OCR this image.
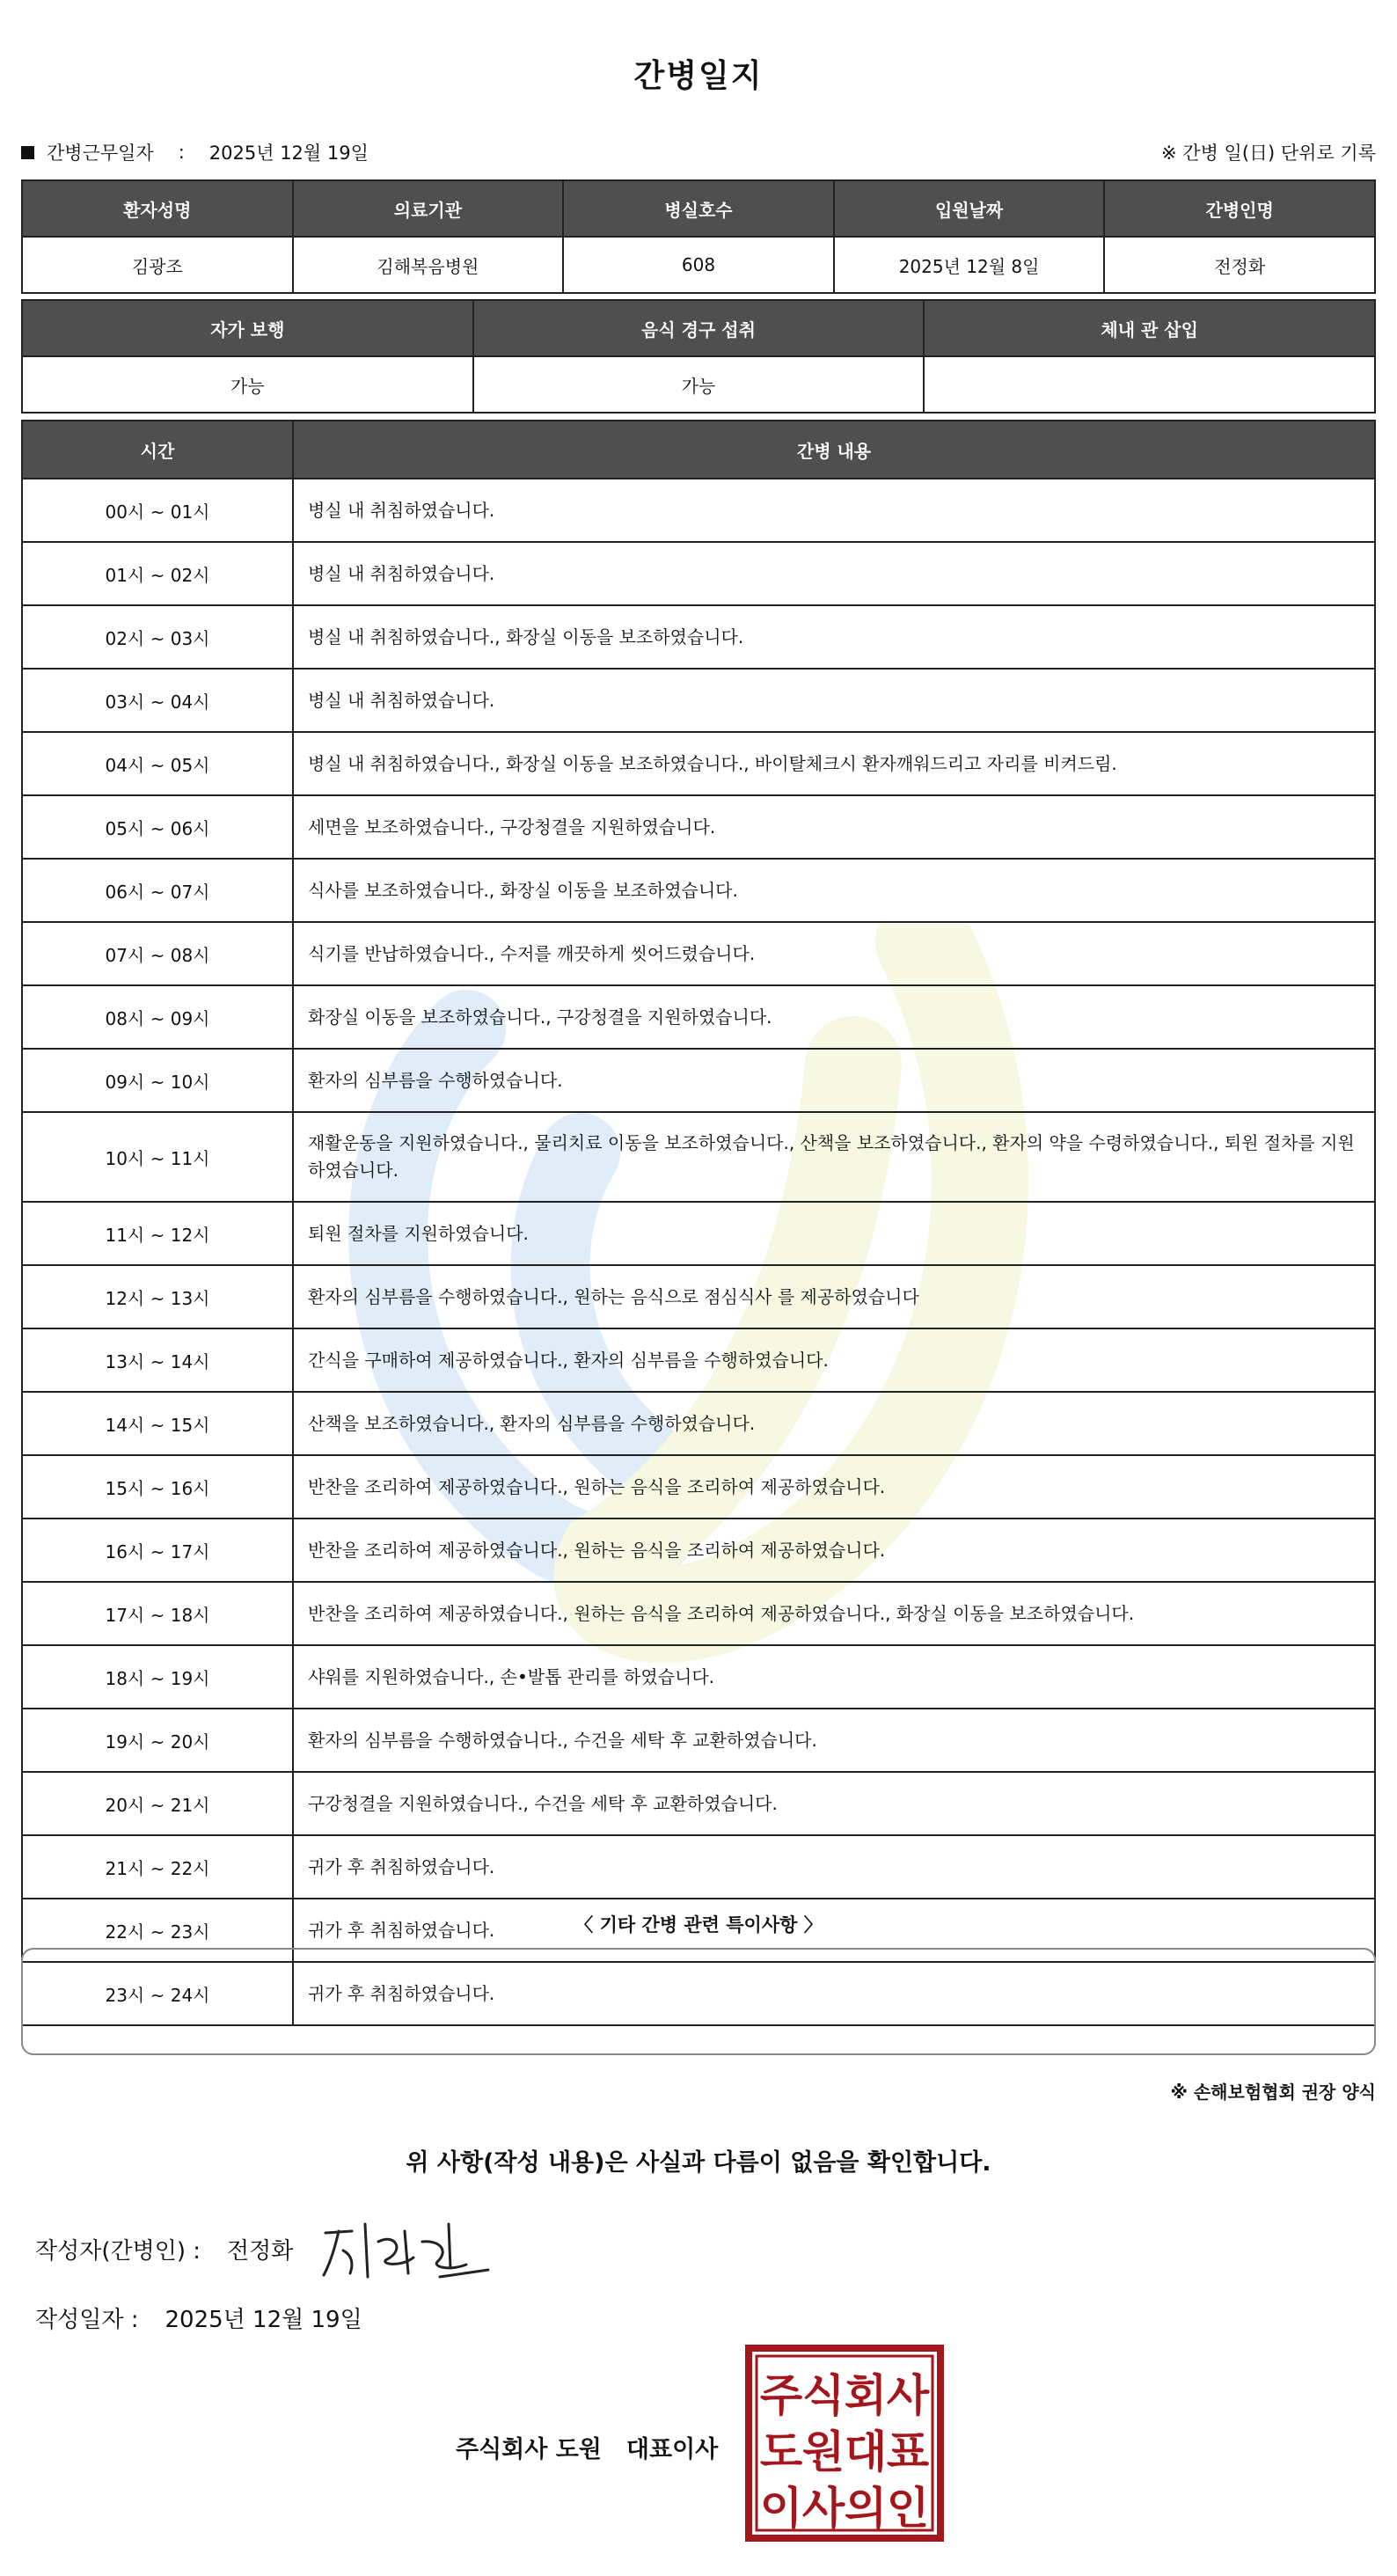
간병일지
간병근무일자 : 2025년 12월 19일	※ 간병 일(日) 단위로 기록
환자성명	의료기관	병실호수	입원날짜	간병인명
김광조	김해복음병원	608	2025년 12월 8일	전정화
자가 보행	음식 경구 섭취	체내 관 삽입
가능	가능	
시간	간병 내용
00시 ~ 01시	병실 내 취침하였습니다.
01시 ~ 02시	병실 내 취침하였습니다.
02시 ~ 03시	병실 내 취침하였습니다., 화장실 이동을 보조하였습니다.
03시 ~ 04시	병실 내 취침하였습니다.
04시 ~ 05시	병실 내 취침하였습니다., 화장실 이동을 보조하였습니다., 바이탈체크시 환자깨워드리고 자리를 비켜드림.
05시 ~ 06시	세면을 보조하였습니다., 구강청결을 지원하였습니다.
06시 ~ 07시	식사를 보조하였습니다., 화장실 이동을 보조하였습니다.
07시 ~ 08시	식기를 반납하였습니다., 수저를 깨끗하게 씻어드렸습니다.
08시 ~ 09시	화장실 이동을 보조하였습니다., 구강청결을 지원하였습니다.
09시 ~ 10시	환자의 심부름을 수행하였습니다.
10시 ~ 11시	재활운동을 지원하였습니다., 물리치료 이동을 보조하였습니다., 산책을 보조하였습니다., 환자의 약을 수령하였습니다., 퇴원 절차를 지원하였습니다.
11시 ~ 12시	퇴원 절차를 지원하였습니다.
12시 ~ 13시	환자의 심부름을 수행하였습니다., 원하는 음식으로 점심식사 를 제공하였습니다
13시 ~ 14시	간식을 구매하여 제공하였습니다., 환자의 심부름을 수행하였습니다.
14시 ~ 15시	산책을 보조하였습니다., 환자의 심부름을 수행하였습니다.
15시 ~ 16시	반찬을 조리하여 제공하였습니다., 원하는 음식을 조리하여 제공하였습니다.
16시 ~ 17시	반찬을 조리하여 제공하였습니다., 원하는 음식을 조리하여 제공하였습니다.
17시 ~ 18시	반찬을 조리하여 제공하였습니다., 원하는 음식을 조리하여 제공하였습니다., 화장실 이동을 보조하였습니다.
18시 ~ 19시	샤워를 지원하였습니다., 손•발톱 관리를 하였습니다.
19시 ~ 20시	환자의 심부름을 수행하였습니다., 수건을 세탁 후 교환하였습니다.
20시 ~ 21시	구강청결을 지원하였습니다., 수건을 세탁 후 교환하였습니다.
21시 ~ 22시	귀가 후 취침하였습니다.
22시 ~ 23시	귀가 후 취침하였습니다.
23시 ~ 24시	귀가 후 취침하였습니다.
〈 기타 간병 관련 특이사항 〉
※ 손해보험협회 권장 양식
위 사항(작성 내용)은 사실과 다름이 없음을 확인합니다.
작성자(간병인) : 전정화
작성일자 : 2025년 12월 19일
주식회사 도원 대표이사
주 식 회 사
도 원 대 표
이 사 의 인
